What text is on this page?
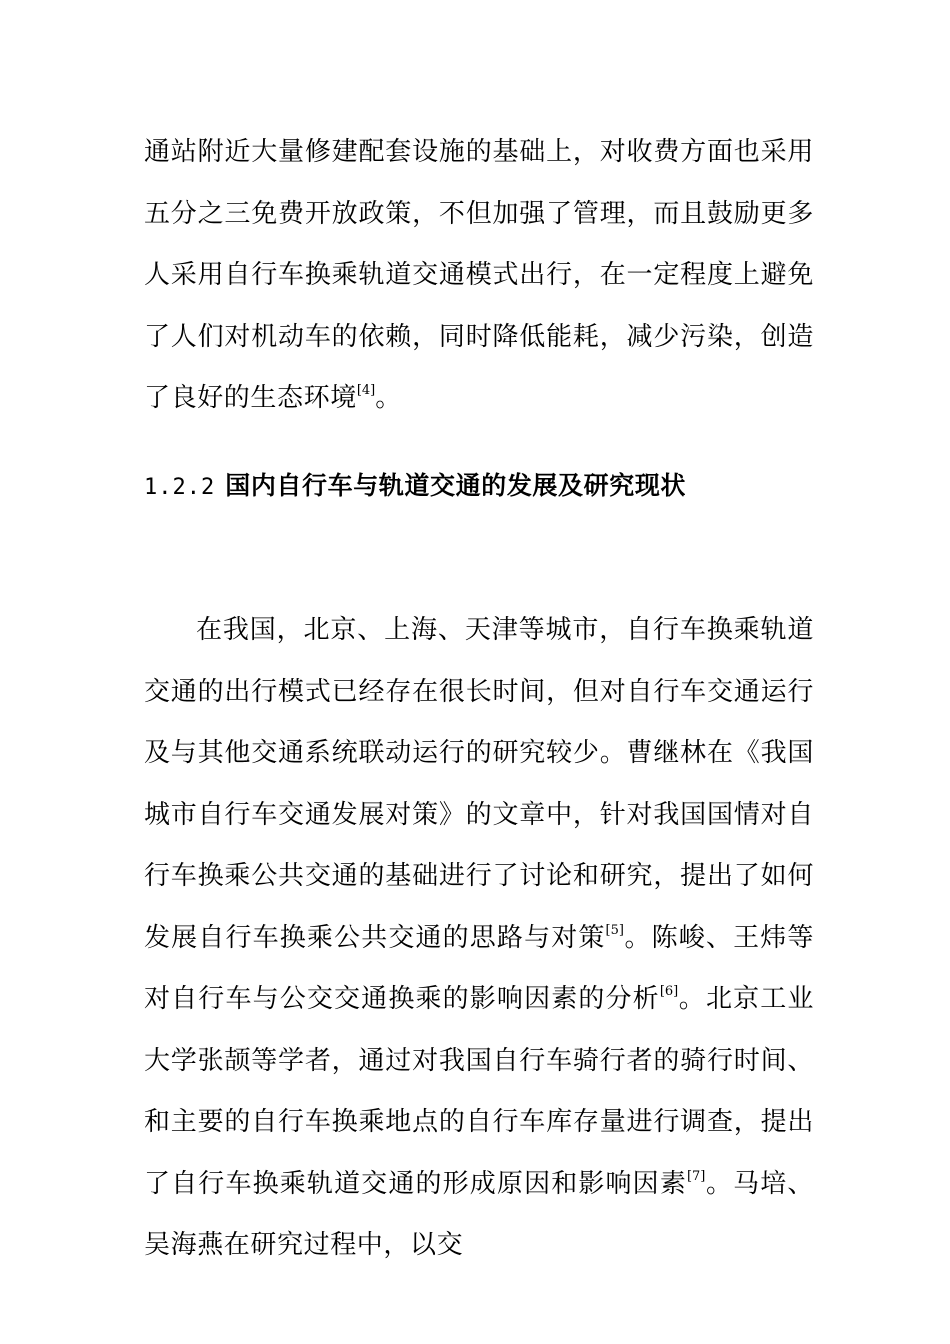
通站附近大量修建配套设施的基础上，对收费方面也采用五分之三免费开放政策，不但加强了管理，而且鼓励更多人采用自行车换乘轨道交通模式出行，在一定程度上避免了人们对机动车的依赖，同时降低能耗，减少污染，创造了良好的生态环境[4]。

1.2.2 国内自行车与轨道交通的发展及研究现状

在我国，北京、上海、天津等城市，自行车换乘轨道交通的出行模式已经存在很长时间，但对自行车交通运行及与其他交通系统联动运行的研究较少。曹继林在《我国城市自行车交通发展对策》的文章中，针对我国国情对自行车换乘公共交通的基础进行了讨论和研究，提出了如何发展自行车换乘公共交通的思路与对策[5]。陈峻、王炜等对自行车与公交交通换乘的影响因素的分析[6]。北京工业大学张颉等学者，通过对我国自行车骑行者的骑行时间、和主要的自行车换乘地点的自行车库存量进行调查，提出了自行车换乘轨道交通的形成原因和影响因素[7]。马培、吴海燕在研究过程中，以交
